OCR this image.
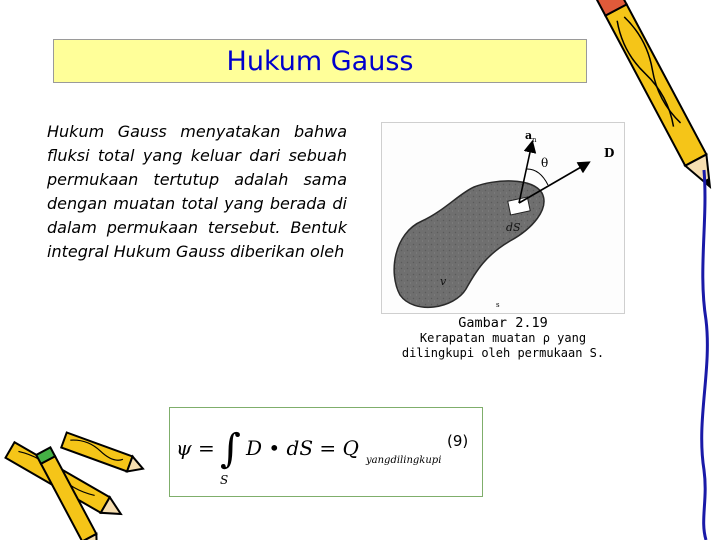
Hukum Gauss
Hukum Gauss menyatakan bahwa fluksi total yang keluar dari sebuah permukaan tertutup adalah sama dengan muatan total yang berada di dalam permukaan tersebut. Bentuk integral Hukum Gauss diberikan oleh
a n
θ
D
dS
v
s
Gambar 2.19
Kerapatan muatan ρ yang
dilingkupi oleh permukaan S.
ψ = ∫
S
D • dS = Q
yangdilingkupi
(9)
